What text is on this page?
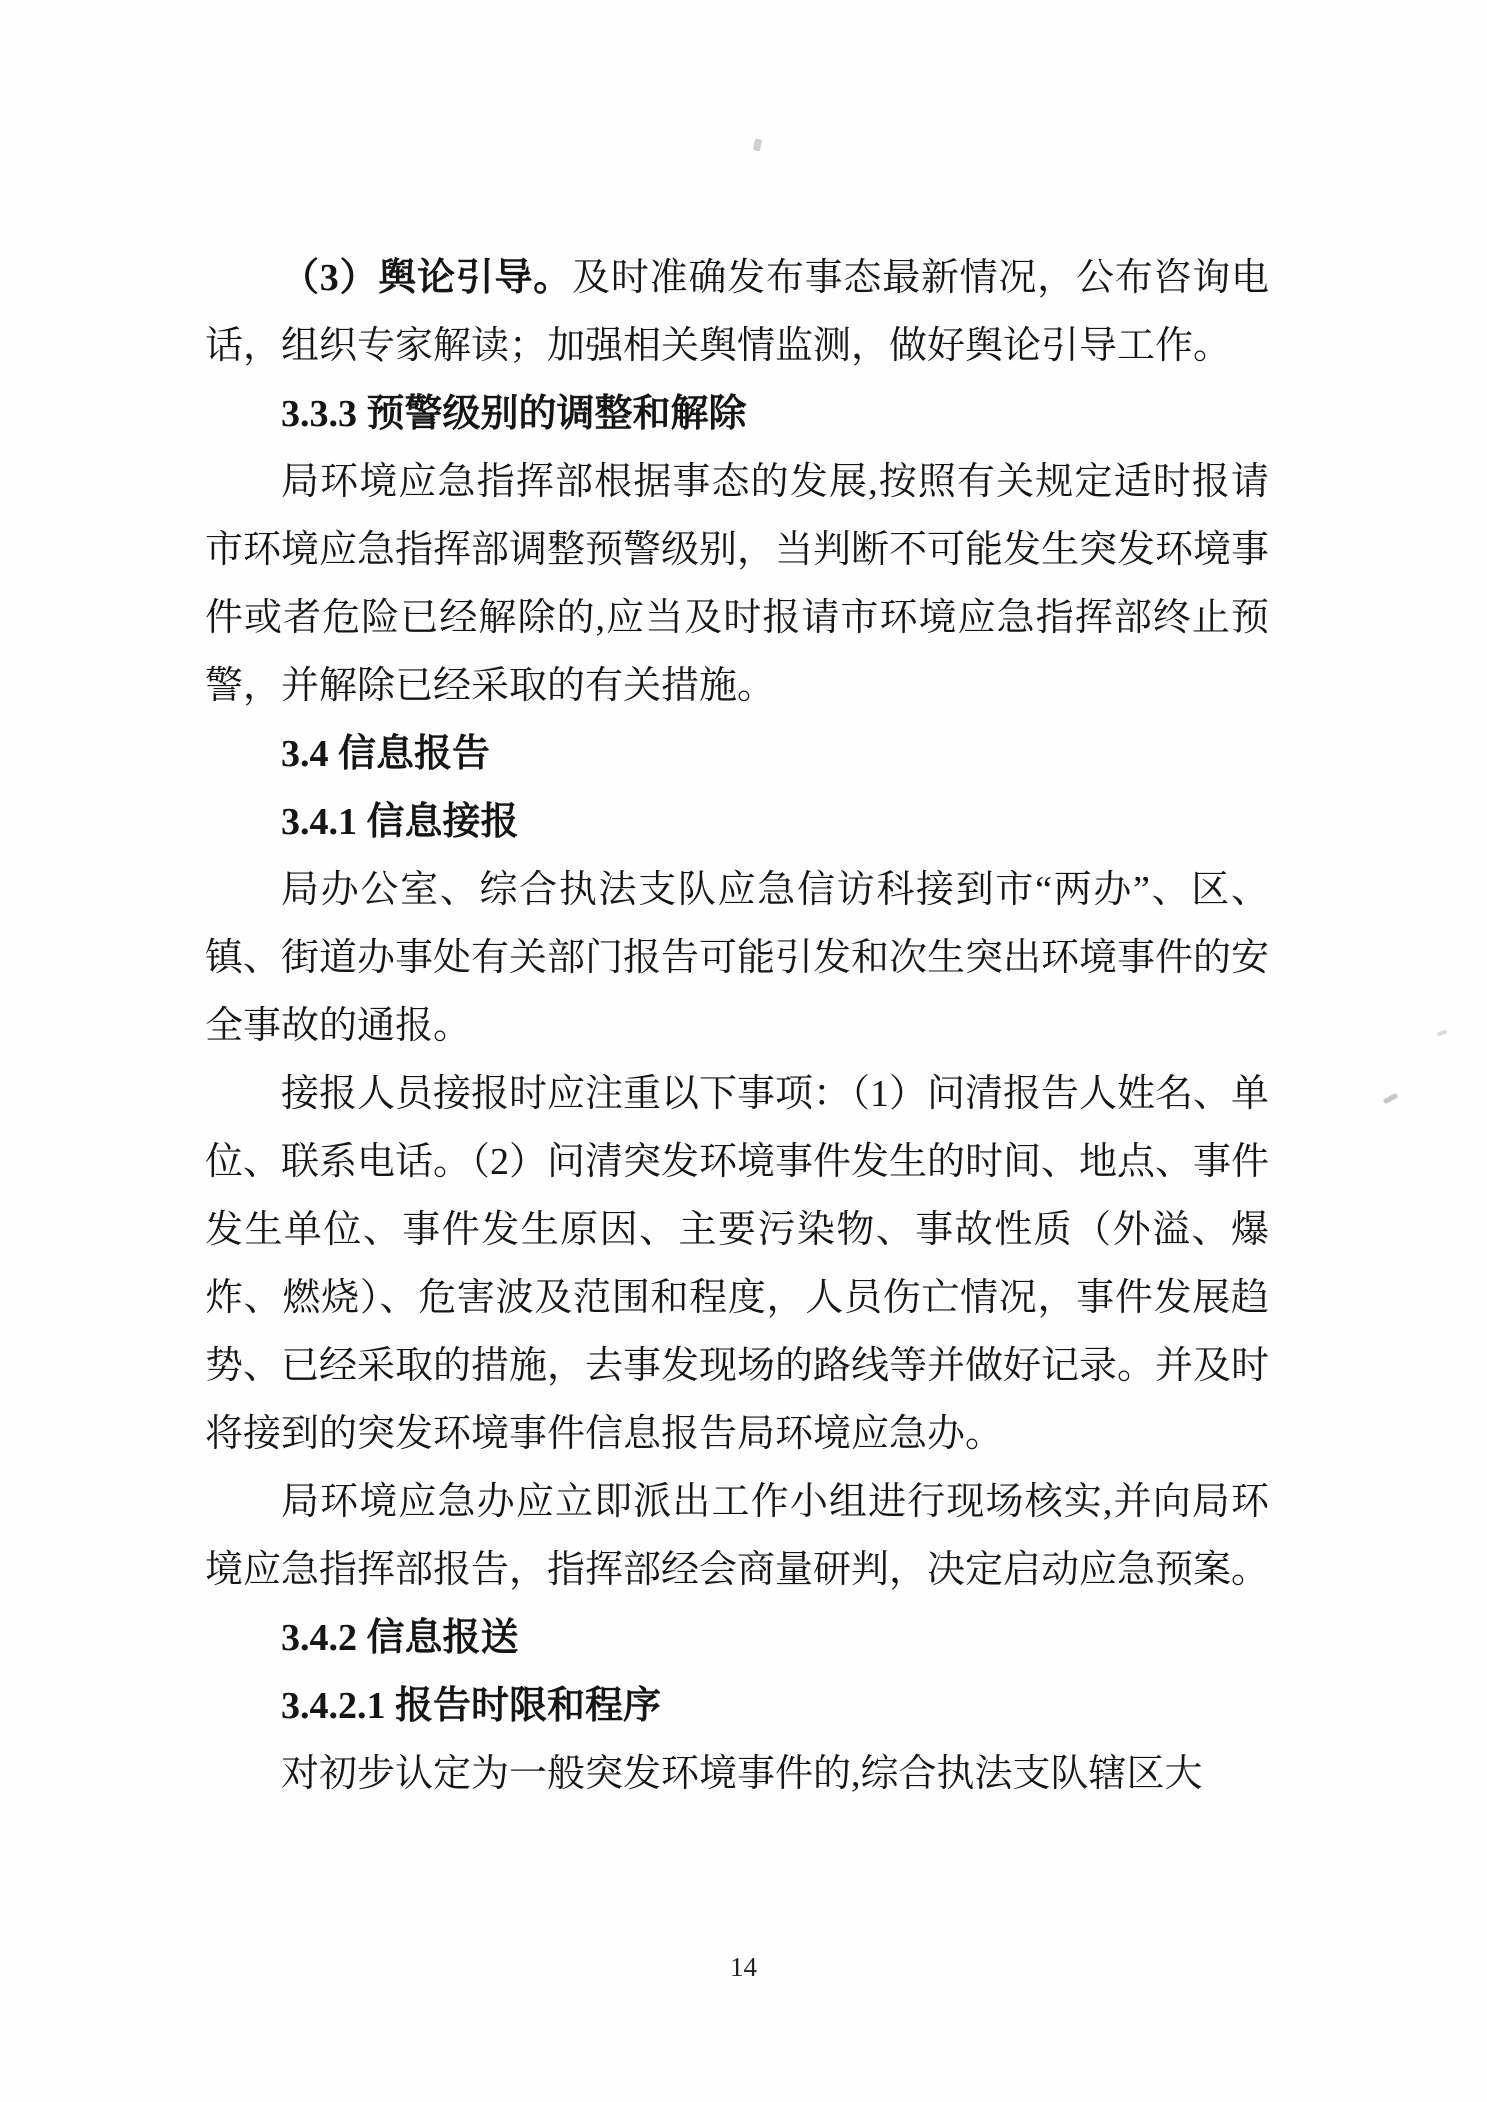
（3）舆论引导。及时准确发布事态最新情况，公布咨询电话，组织专家解读；加强相关舆情监测，做好舆论引导工作。

3.3.3 预警级别的调整和解除

局环境应急指挥部根据事态的发展,按照有关规定适时报请市环境应急指挥部调整预警级别，当判断不可能发生突发环境事件或者危险已经解除的,应当及时报请市环境应急指挥部终止预警，并解除已经采取的有关措施。

3.4 信息报告

3.4.1 信息接报

局办公室、综合执法支队应急信访科接到市“两办”、区、镇、街道办事处有关部门报告可能引发和次生突出环境事件的安全事故的通报。

接报人员接报时应注重以下事项：（1）问清报告人姓名、单位、联系电话。（2）问清突发环境事件发生的时间、地点、事件发生单位、事件发生原因、主要污染物、事故性质（外溢、爆炸、燃烧）、危害波及范围和程度，人员伤亡情况，事件发展趋势、已经采取的措施，去事发现场的路线等并做好记录。并及时将接到的突发环境事件信息报告局环境应急办。

局环境应急办应立即派出工作小组进行现场核实,并向局环境应急指挥部报告，指挥部经会商量研判，决定启动应急预案。

3.4.2 信息报送

3.4.2.1 报告时限和程序

对初步认定为一般突发环境事件的,综合执法支队辖区大

14
